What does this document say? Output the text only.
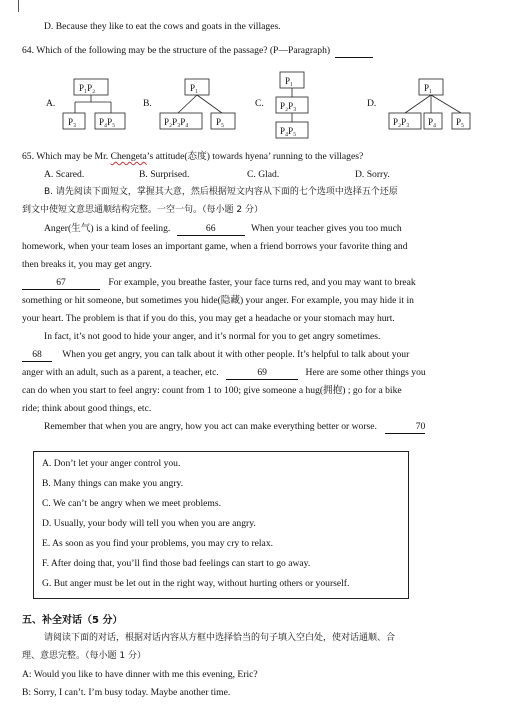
D. Because they like to eat the cows and goats in the villages.
64. Which of the following may be the structure of the passage? (P—Paragraph)
A.	B.	C.	D.
P₁P₂
P₃	P₄P₅
P₁
P₂P₃P₄	P₅
P₁
P₂P₃
P₄P₅
P₁
P₂P₃ P₄ P₅
65. Which may be Mr. Chengeta’s attitude(态度) towards hyena’ running to the villages?
A. Scared.	B. Surprised.	C. Glad.	D. Sorry.
B. 请先阅读下面短文，掌握其大意，然后根据短文内容从下面的七个选项中选择五个还原
到文中使短文意思通顺结构完整。一空一句。（每小题 2 分）
Anger(生气) is a kind of feeling.	66	When your teacher gives you too much
homework, when your team loses an important game, when a friend borrows your favorite thing and
then breaks it, you may get angry.
67	For example, you breathe faster, your face turns red, and you may want to break
something or hit someone, but sometimes you hide(隐藏) your anger. For example, you may hide it in
your heart. The problem is that if you do this, you may get a headache or your stomach may hurt.
In fact, it’s not good to hide your anger, and it’s normal for you to get angry sometimes.
68 When you get angry, you can talk about it with other people. It’s helpful to talk about your
anger with an adult, such as a parent, a teacher, etc.	69	Here are some other things you
can do when you start to feel angry: count from 1 to 100; give someone a hug(拥抱) ; go for a bike
ride; think about good things, etc.
Remember that when you are angry, how you act can make everything better or worse.	70
A. Don’t let your anger control you.
B. Many things can make you angry.
C. We can’t be angry when we meet problems.
D. Usually, your body will tell you when you are angry.
E. As soon as you find your problems, you may cry to relax.
F. After doing that, you’ll find those bad feelings can start to go away.
G. But anger must be let out in the right way, without hurting others or yourself.
五、补全对话（5 分）
请阅读下面的对话，根据对话内容从方框中选择恰当的句子填入空白处，使对话通顺、合
理、意思完整。（每小题 1 分）
A: Would you like to have dinner with me this evening, Eric?
B: Sorry, I can’t. I’m busy today. Maybe another time.
